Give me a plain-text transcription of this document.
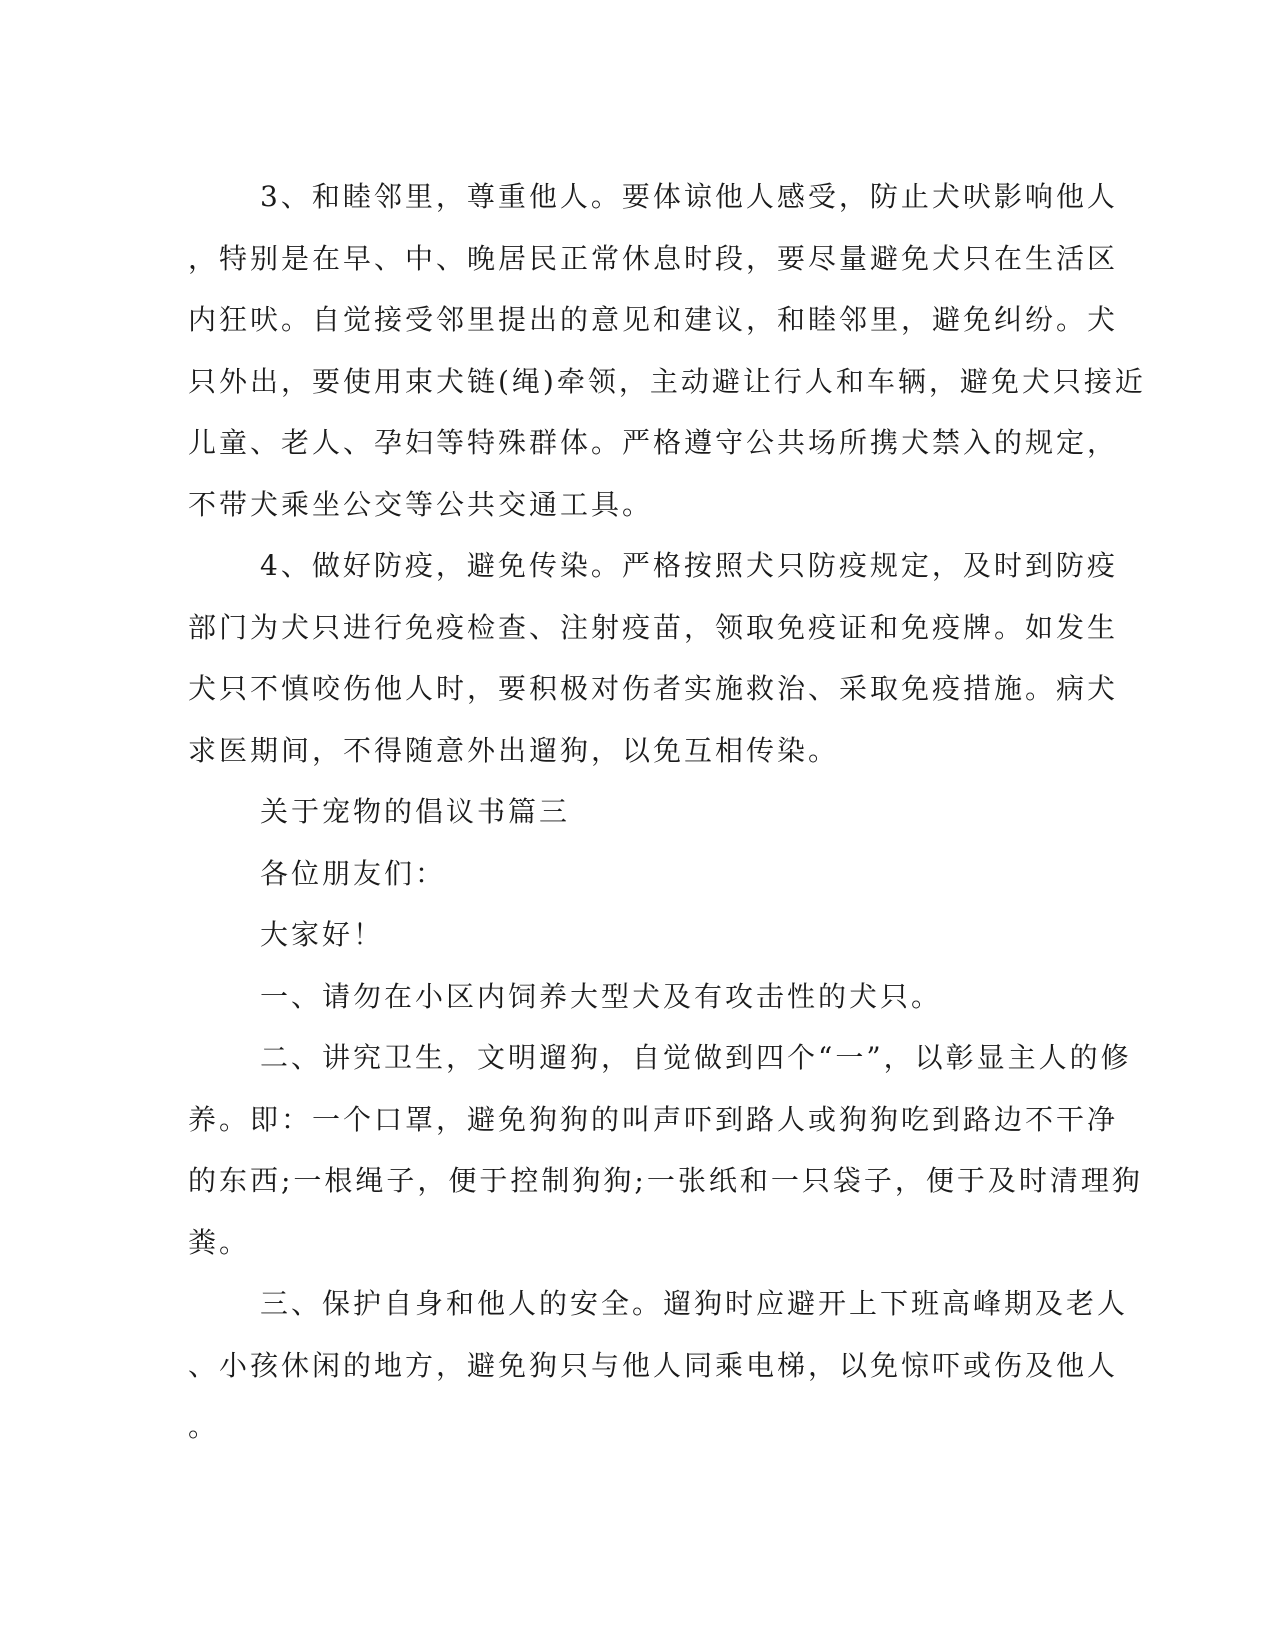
3、和睦邻里，尊重他人。要体谅他人感受，防止犬吠影响他人
，特别是在早、中、晚居民正常休息时段，要尽量避免犬只在生活区
内狂吠。自觉接受邻里提出的意见和建议，和睦邻里，避免纠纷。犬
只外出，要使用束犬链(绳)牵领，主动避让行人和车辆，避免犬只接近
儿童、老人、孕妇等特殊群体。严格遵守公共场所携犬禁入的规定，
不带犬乘坐公交等公共交通工具。
4、做好防疫，避免传染。严格按照犬只防疫规定，及时到防疫
部门为犬只进行免疫检查、注射疫苗，领取免疫证和免疫牌。如发生
犬只不慎咬伤他人时，要积极对伤者实施救治、采取免疫措施。病犬
求医期间，不得随意外出遛狗，以免互相传染。
关于宠物的倡议书篇三
各位朋友们：
大家好！
一、请勿在小区内饲养大型犬及有攻击性的犬只。
二、讲究卫生，文明遛狗，自觉做到四个“一”，以彰显主人的修
养。即：一个口罩，避免狗狗的叫声吓到路人或狗狗吃到路边不干净
的东西;一根绳子，便于控制狗狗;一张纸和一只袋子，便于及时清理狗
粪。
三、保护自身和他人的安全。遛狗时应避开上下班高峰期及老人
、小孩休闲的地方，避免狗只与他人同乘电梯，以免惊吓或伤及他人
。
